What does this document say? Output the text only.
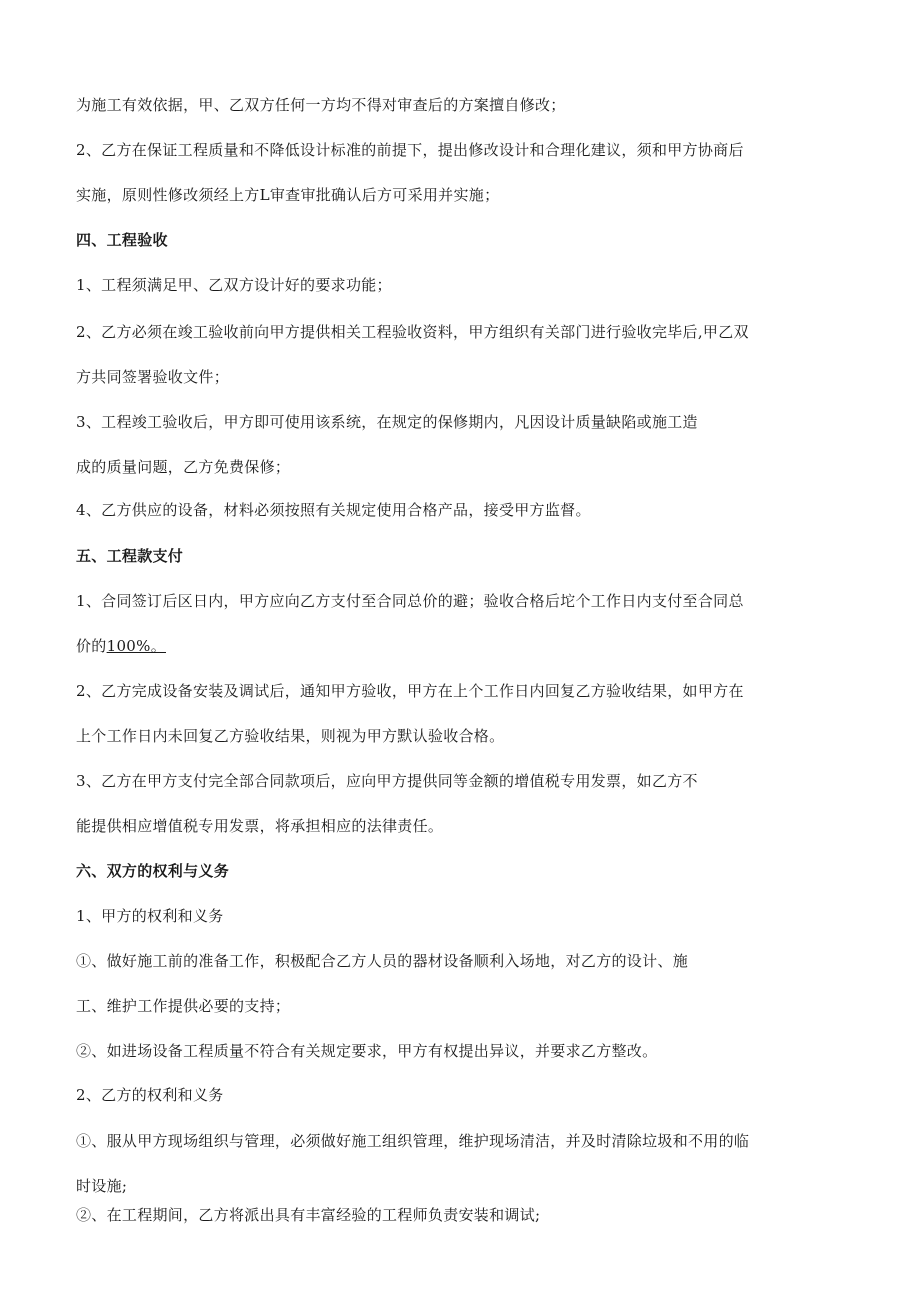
为施工有效依据，甲、乙双方任何一方均不得对审查后的方案擅自修改；
2、乙方在保证工程质量和不降低设计标准的前提下，提出修改设计和合理化建议，须和甲方协商后
实施，原则性修改须经上方L审查审批确认后方可采用并实施；
四、工程验收
1、工程须满足甲、乙双方设计好的要求功能；
2、乙方必须在竣工验收前向甲方提供相关工程验收资料，甲方组织有关部门进行验收完毕后,甲乙双
方共同签署验收文件；
3、工程竣工验收后，甲方即可使用该系统，在规定的保修期内，凡因设计质量缺陷或施工造
成的质量问题，乙方免费保修；
4、乙方供应的设备，材料必须按照有关规定使用合格产品，接受甲方监督。
五、工程款支付
1、合同签订后区日内，甲方应向乙方支付至合同总价的避；验收合格后坨个工作日内支付至合同总
价的100%。
2、乙方完成设备安装及调试后，通知甲方验收，甲方在上个工作日内回复乙方验收结果，如甲方在
上个工作日内未回复乙方验收结果，则视为甲方默认验收合格。
3、乙方在甲方支付完全部合同款项后，应向甲方提供同等金额的增值税专用发票，如乙方不
能提供相应增值税专用发票，将承担相应的法律责任。
六、双方的权利与义务
1、甲方的权利和义务
①、做好施工前的准备工作，积极配合乙方人员的器材设备顺利入场地，对乙方的设计、施
工、维护工作提供必要的支持；
②、如进场设备工程质量不符合有关规定要求，甲方有权提出异议，并要求乙方整改。
2、乙方的权利和义务
①、服从甲方现场组织与管理，必须做好施工组织管理，维护现场清洁，并及时清除垃圾和不用的临
时设施;
②、在工程期间，乙方将派出具有丰富经验的工程师负责安装和调试;
